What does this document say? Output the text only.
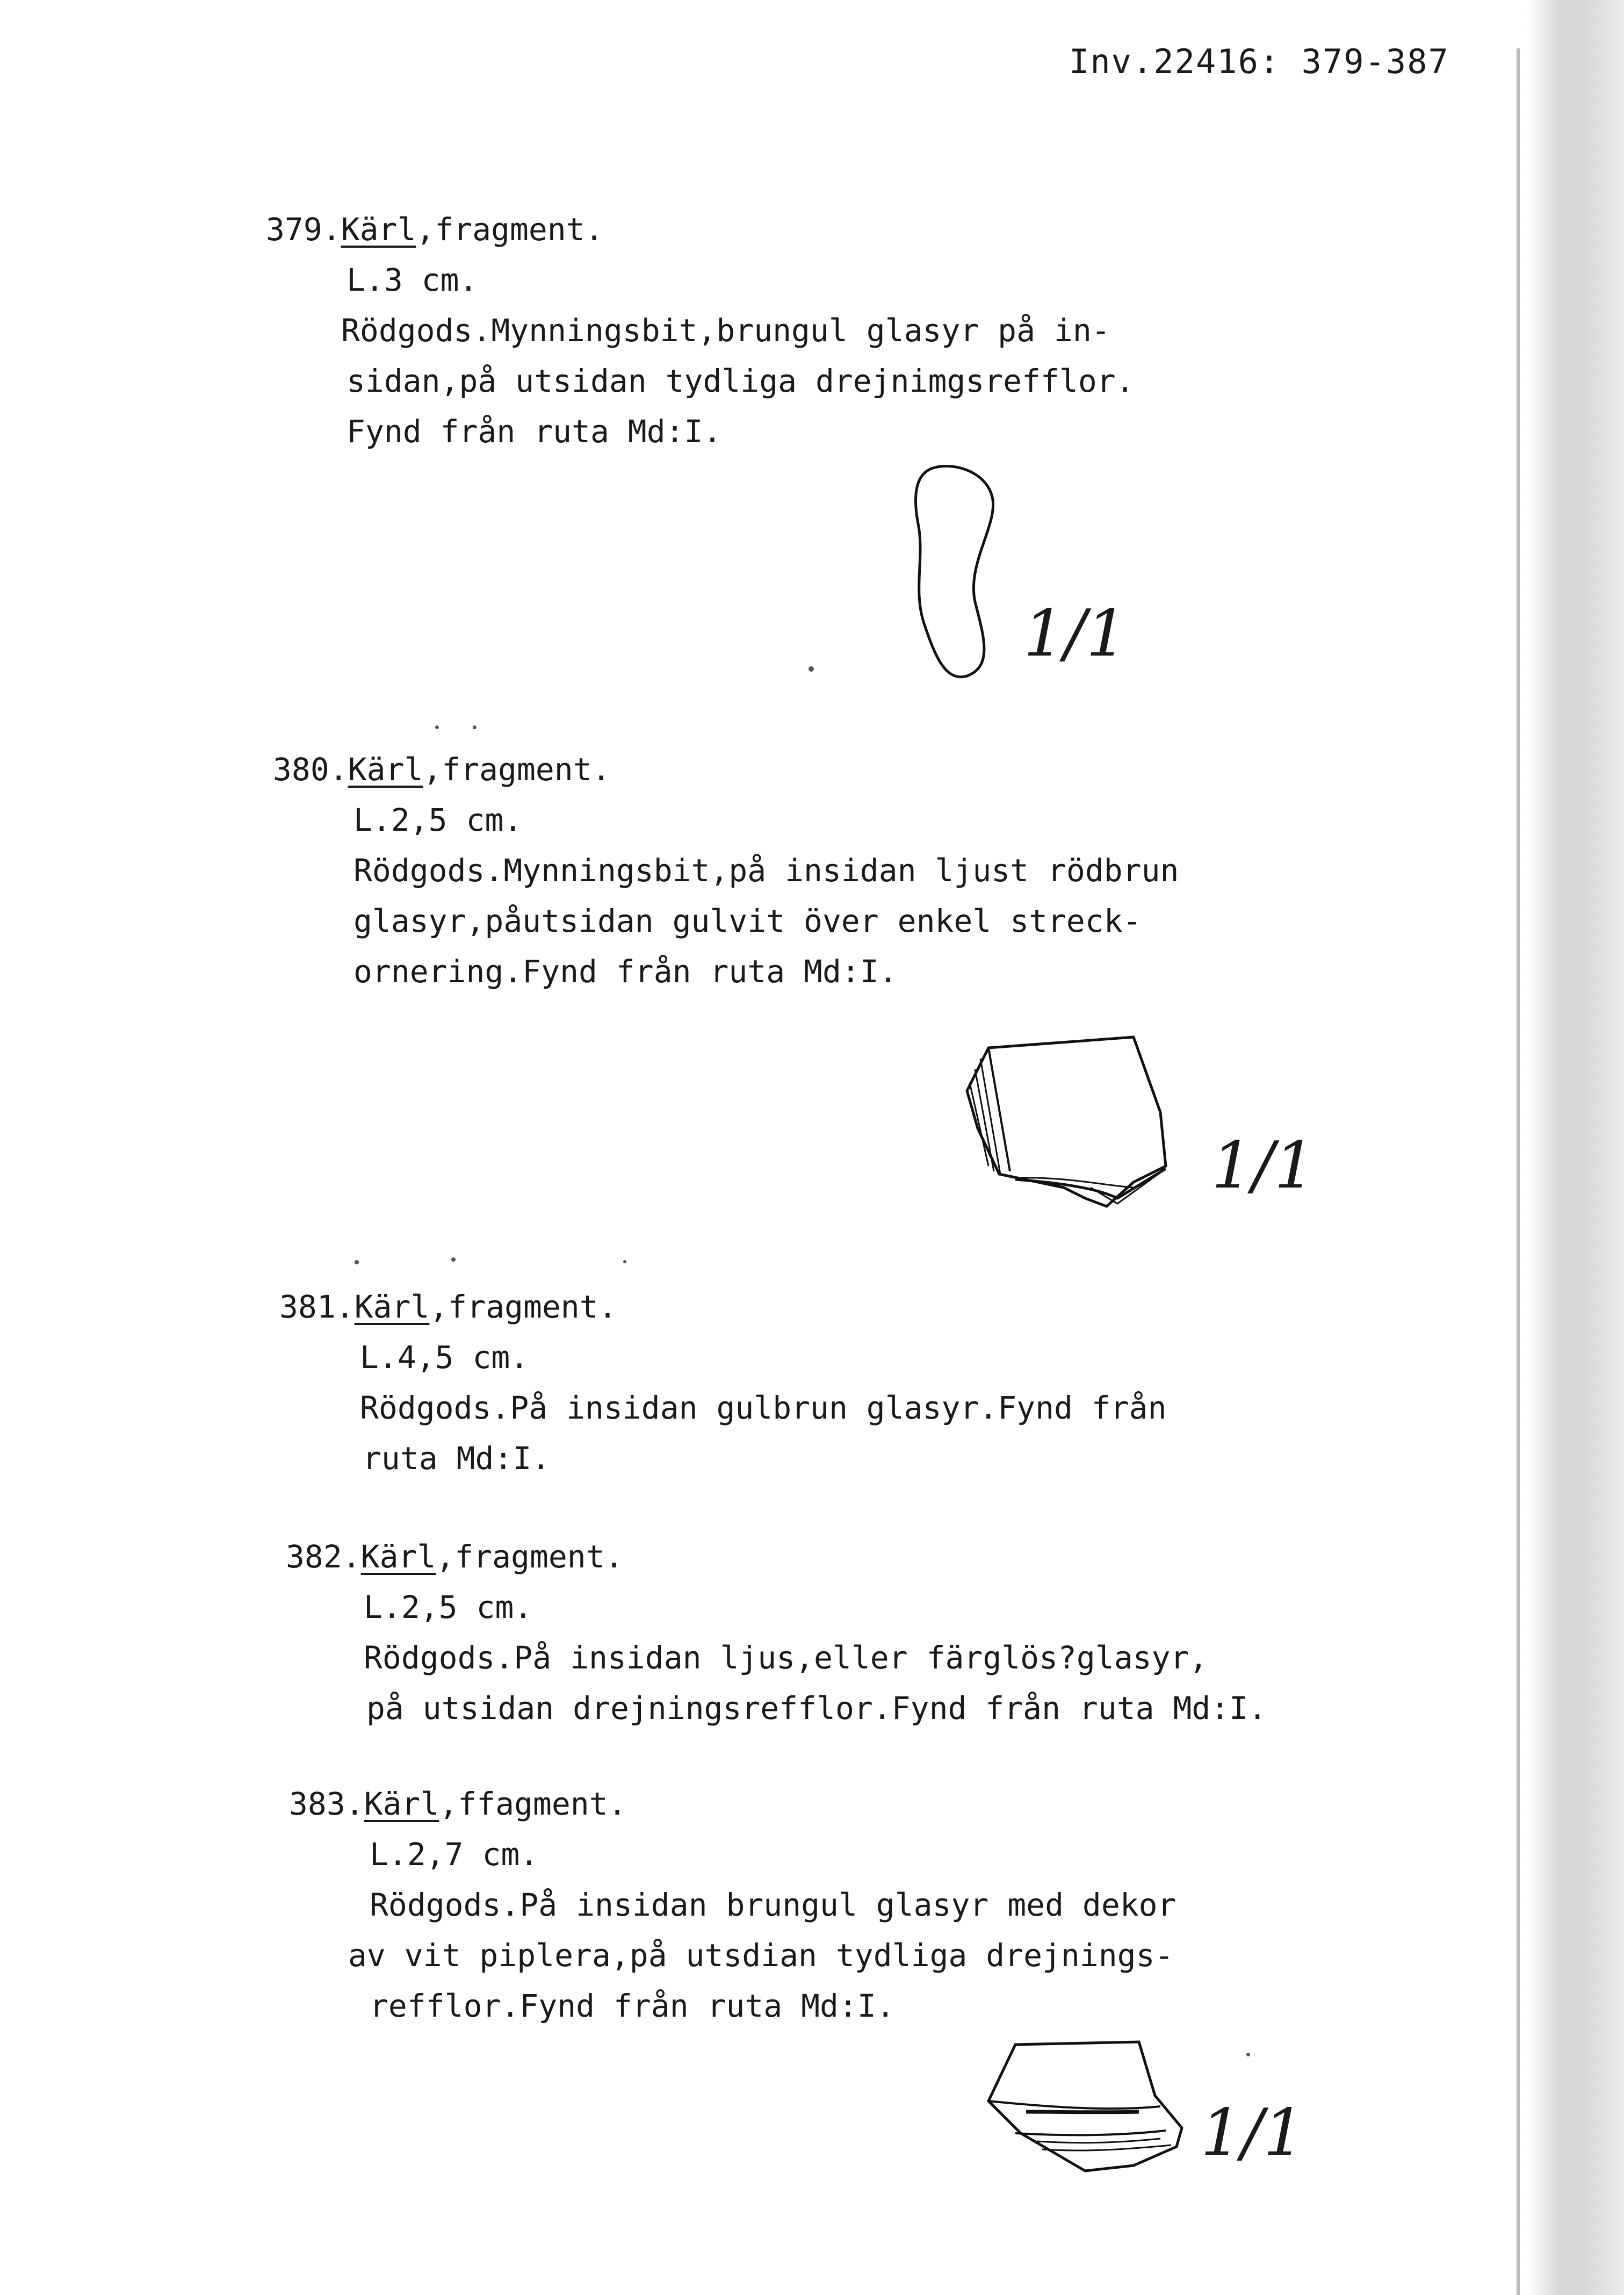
Inv.22416: 379-387
379.Kärl,fragment.
L.3 cm.
Rödgods.Mynningsbit,brungul glasyr på in-
sidan,på utsidan tydliga drejnimgsrefflor.
Fynd från ruta Md:I.
1/1
380.Kärl,fragment.
L.2,5 cm.
Rödgods.Mynningsbit,på insidan ljust rödbrun
glasyr,påutsidan gulvit över enkel streck-
ornering.Fynd från ruta Md:I.
1/1
381.Kärl,fragment.
L.4,5 cm.
Rödgods.På insidan gulbrun glasyr.Fynd från
ruta Md:I.
382.Kärl,fragment.
L.2,5 cm.
Rödgods.På insidan ljus,eller färglös?glasyr,
på utsidan drejningsrefflor.Fynd från ruta Md:I.
383.Kärl,ffagment.
L.2,7 cm.
Rödgods.På insidan brungul glasyr med dekor
av vit piplera,på utsdian tydliga drejnings-
refflor.Fynd från ruta Md:I.
1/1
